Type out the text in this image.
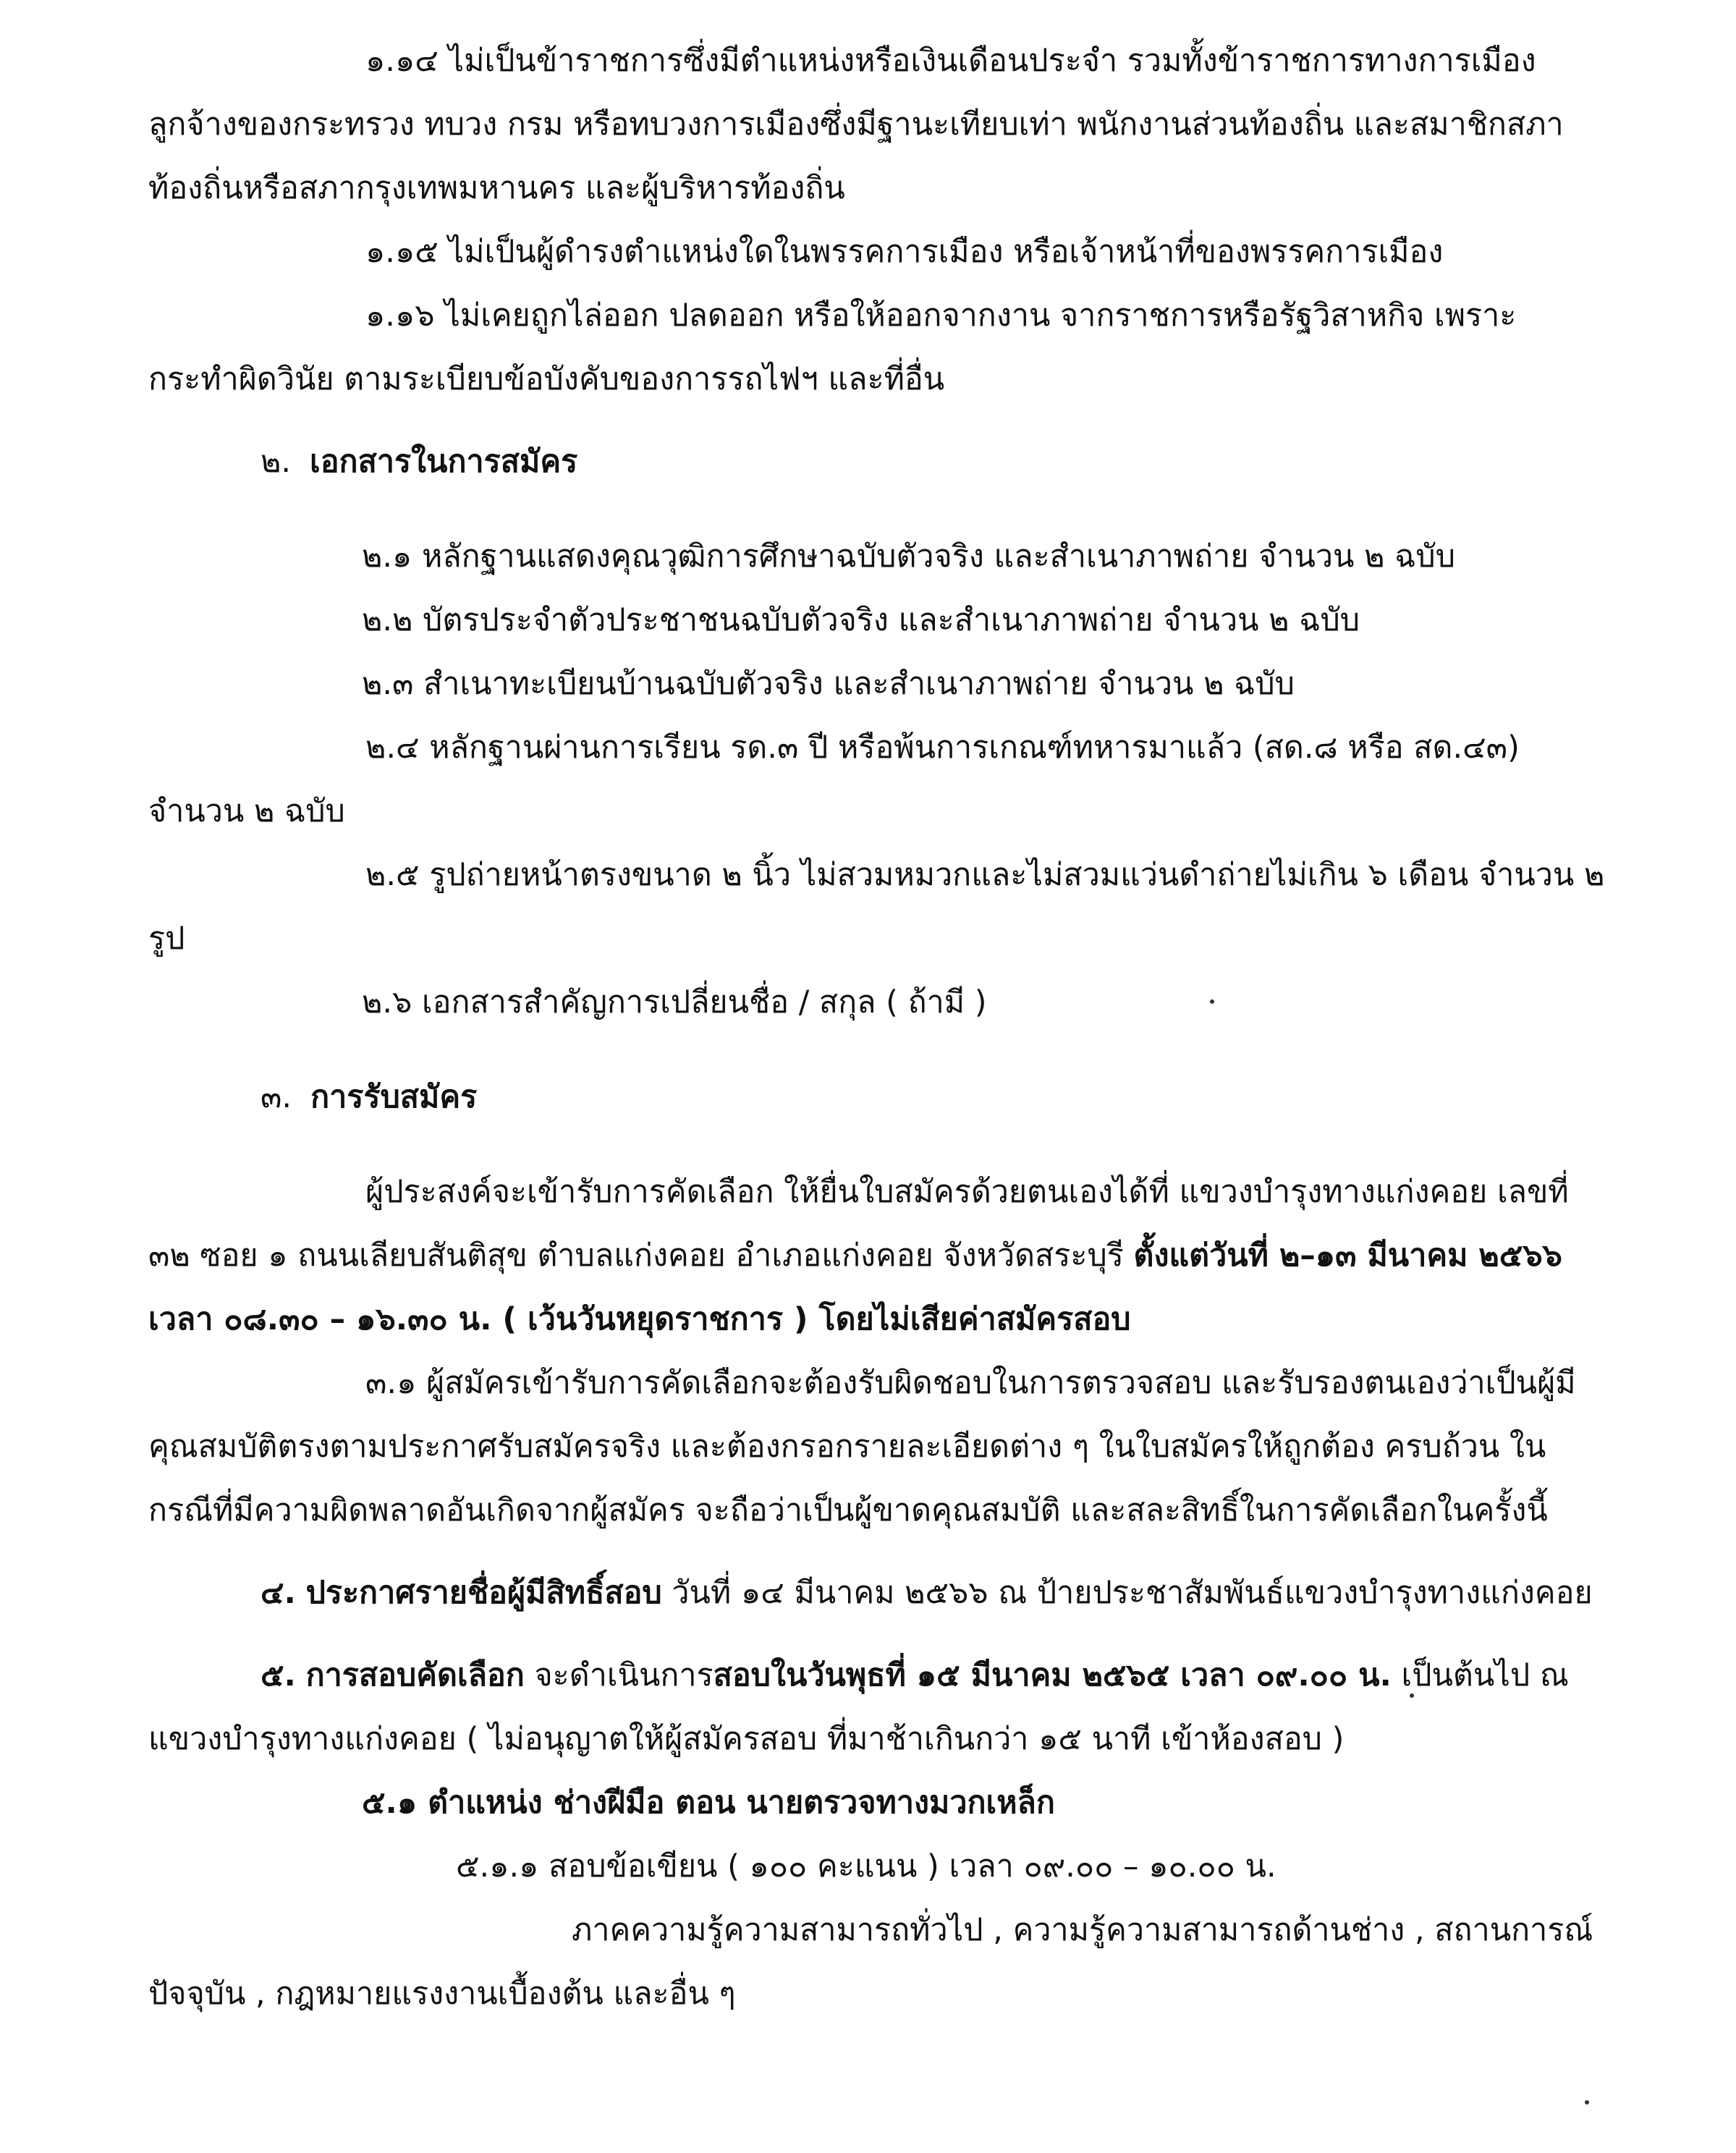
๑.๑๔ ไม่เป็นข้าราชการซึ่งมีตำแหน่งหรือเงินเดือนประจำ รวมทั้งข้าราชการทางการเมือง ลูกจ้างของกระทรวง ทบวง กรม หรือทบวงการเมืองซึ่งมีฐานะเทียบเท่า พนักงานส่วนท้องถิ่น และสมาชิกสภาท้องถิ่นหรือสภากรุงเทพมหานคร และผู้บริหารท้องถิ่น

๑.๑๕ ไม่เป็นผู้ดำรงตำแหน่งใดในพรรคการเมือง หรือเจ้าหน้าที่ของพรรคการเมือง

๑.๑๖ ไม่เคยถูกไล่ออก ปลดออก หรือให้ออกจากงาน จากราชการหรือรัฐวิสาหกิจ เพราะกระทำผิดวินัย ตามระเบียบข้อบังคับของการรถไฟฯ และที่อื่น

๒. เอกสารในการสมัคร

๒.๑ หลักฐานแสดงคุณวุฒิการศึกษาฉบับตัวจริง และสำเนาภาพถ่าย จำนวน ๒ ฉบับ

๒.๒ บัตรประจำตัวประชาชนฉบับตัวจริง และสำเนาภาพถ่าย จำนวน ๒ ฉบับ

๒.๓ สำเนาทะเบียนบ้านฉบับตัวจริง และสำเนาภาพถ่าย จำนวน ๒ ฉบับ

๒.๔ หลักฐานผ่านการเรียน รด.๓ ปี หรือพ้นการเกณฑ์ทหารมาแล้ว (สด.๘ หรือ สด.๔๓) จำนวน ๒ ฉบับ

๒.๕ รูปถ่ายหน้าตรงขนาด ๒ นิ้ว ไม่สวมหมวกและไม่สวมแว่นดำถ่ายไม่เกิน ๖ เดือน จำนวน ๒ รูป

๒.๖ เอกสารสำคัญการเปลี่ยนชื่อ / สกุล ( ถ้ามี )

๓. การรับสมัคร

ผู้ประสงค์จะเข้ารับการคัดเลือก ให้ยื่นใบสมัครด้วยตนเองได้ที่ แขวงบำรุงทางแก่งคอย เลขที่ ๓๒ ซอย ๑ ถนนเลียบสันติสุข ตำบลแก่งคอย อำเภอแก่งคอย จังหวัดสระบุรี ตั้งแต่วันที่ ๒–๑๓ มีนาคม ๒๕๖๖ เวลา ๐๘.๓๐ – ๑๖.๓๐ น. ( เว้นวันหยุดราชการ ) โดยไม่เสียค่าสมัครสอบ

๓.๑ ผู้สมัครเข้ารับการคัดเลือกจะต้องรับผิดชอบในการตรวจสอบ และรับรองตนเองว่าเป็นผู้มีคุณสมบัติตรงตามประกาศรับสมัครจริง และต้องกรอกรายละเอียดต่าง ๆ ในใบสมัครให้ถูกต้อง ครบถ้วน ในกรณีที่มีความผิดพลาดอันเกิดจากผู้สมัคร จะถือว่าเป็นผู้ขาดคุณสมบัติ และสละสิทธิ์ในการคัดเลือกในครั้งนี้

๔. ประกาศรายชื่อผู้มีสิทธิ์สอบ วันที่ ๑๔ มีนาคม ๒๕๖๖ ณ ป้ายประชาสัมพันธ์แขวงบำรุงทางแก่งคอย

๕. การสอบคัดเลือก จะดำเนินการสอบในวันพุธที่ ๑๕ มีนาคม ๒๕๖๕ เวลา ๐๙.๐๐ น. เป็นต้นไป ณ แขวงบำรุงทางแก่งคอย ( ไม่อนุญาตให้ผู้สมัครสอบ ที่มาช้าเกินกว่า ๑๕ นาที เข้าห้องสอบ )

๕.๑ ตำแหน่ง ช่างฝีมือ ตอน นายตรวจทางมวกเหล็ก

๕.๑.๑ สอบข้อเขียน ( ๑๐๐ คะแนน ) เวลา ๐๙.๐๐ – ๑๐.๐๐ น.

ภาคความรู้ความสามารถทั่วไป , ความรู้ความสามารถด้านช่าง , สถานการณ์ปัจจุบัน , กฎหมายแรงงานเบื้องต้น และอื่น ๆ
